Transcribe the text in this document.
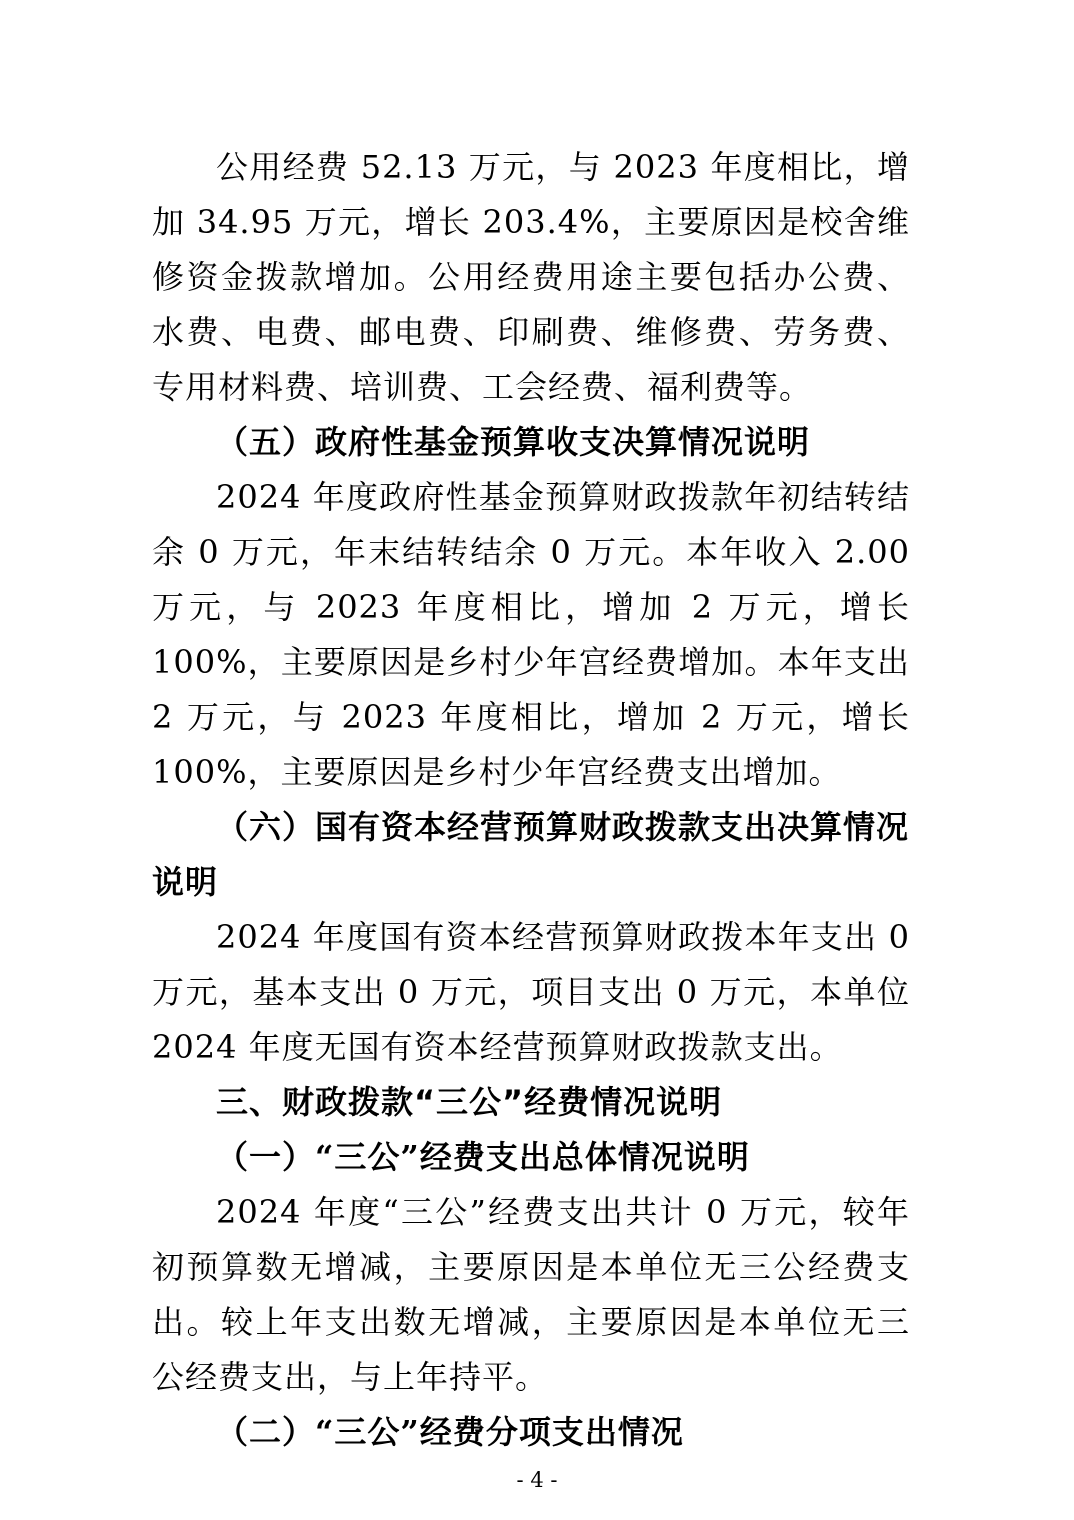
公用经费 52.13 万元，与 2023 年度相比，增加 34.95 万元，增长 203.4%，主要原因是校舍维修资金拨款增加。公用经费用途主要包括办公费、水费、电费、邮电费、印刷费、维修费、劳务费、专用材料费、培训费、工会经费、福利费等。

（五）政府性基金预算收支决算情况说明

2024 年度政府性基金预算财政拨款年初结转结余 0 万元，年末结转结余 0 万元。本年收入 2.00 万元，与 2023 年度相比，增加 2 万元，增长 100%，主要原因是乡村少年宫经费增加。本年支出 2 万元，与 2023 年度相比，增加 2 万元，增长 100%，主要原因是乡村少年宫经费支出增加。

（六）国有资本经营预算财政拨款支出决算情况说明

2024 年度国有资本经营预算财政拨本年支出 0 万元，基本支出 0 万元，项目支出 0 万元，本单位 2024 年度无国有资本经营预算财政拨款支出。

三、财政拨款“三公”经费情况说明

（一）“三公”经费支出总体情况说明

2024 年度“三公”经费支出共计 0 万元，较年初预算数无增减，主要原因是本单位无三公经费支出。较上年支出数无增减，主要原因是本单位无三公经费支出，与上年持平。

（二）“三公”经费分项支出情况

- 4 -
